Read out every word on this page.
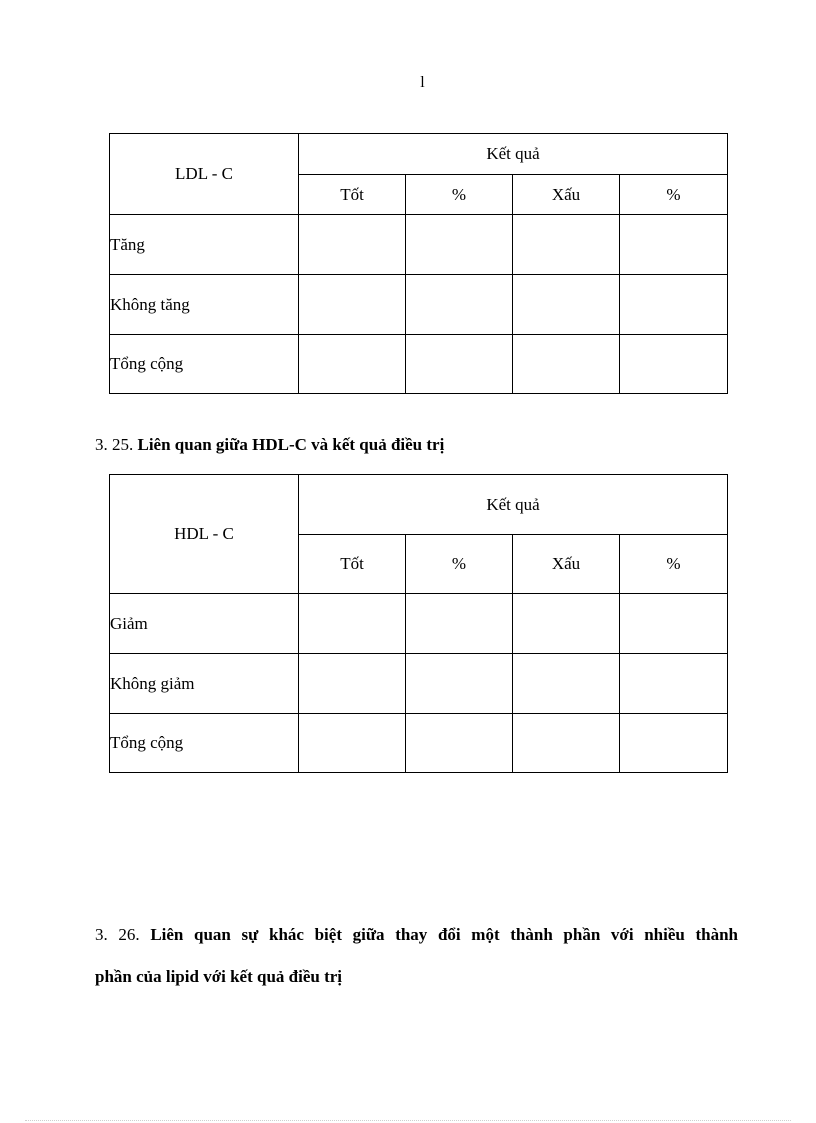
l
LDL - C	Kết quả			
	Tốt	%	Xấu	%
Tăng				
Không tăng				
Tổng cộng				
3. 25. Liên quan giữa HDL-C và kết quả điều trị
HDL - C	Kết quả			
	Tốt	%	Xấu	%
Giảm				
Không giảm				
Tổng cộng				
3. 26. Liên quan sự khác biệt giữa thay đổi một thành phần với nhiều thành
phần của lipid với kết quả điều trị
